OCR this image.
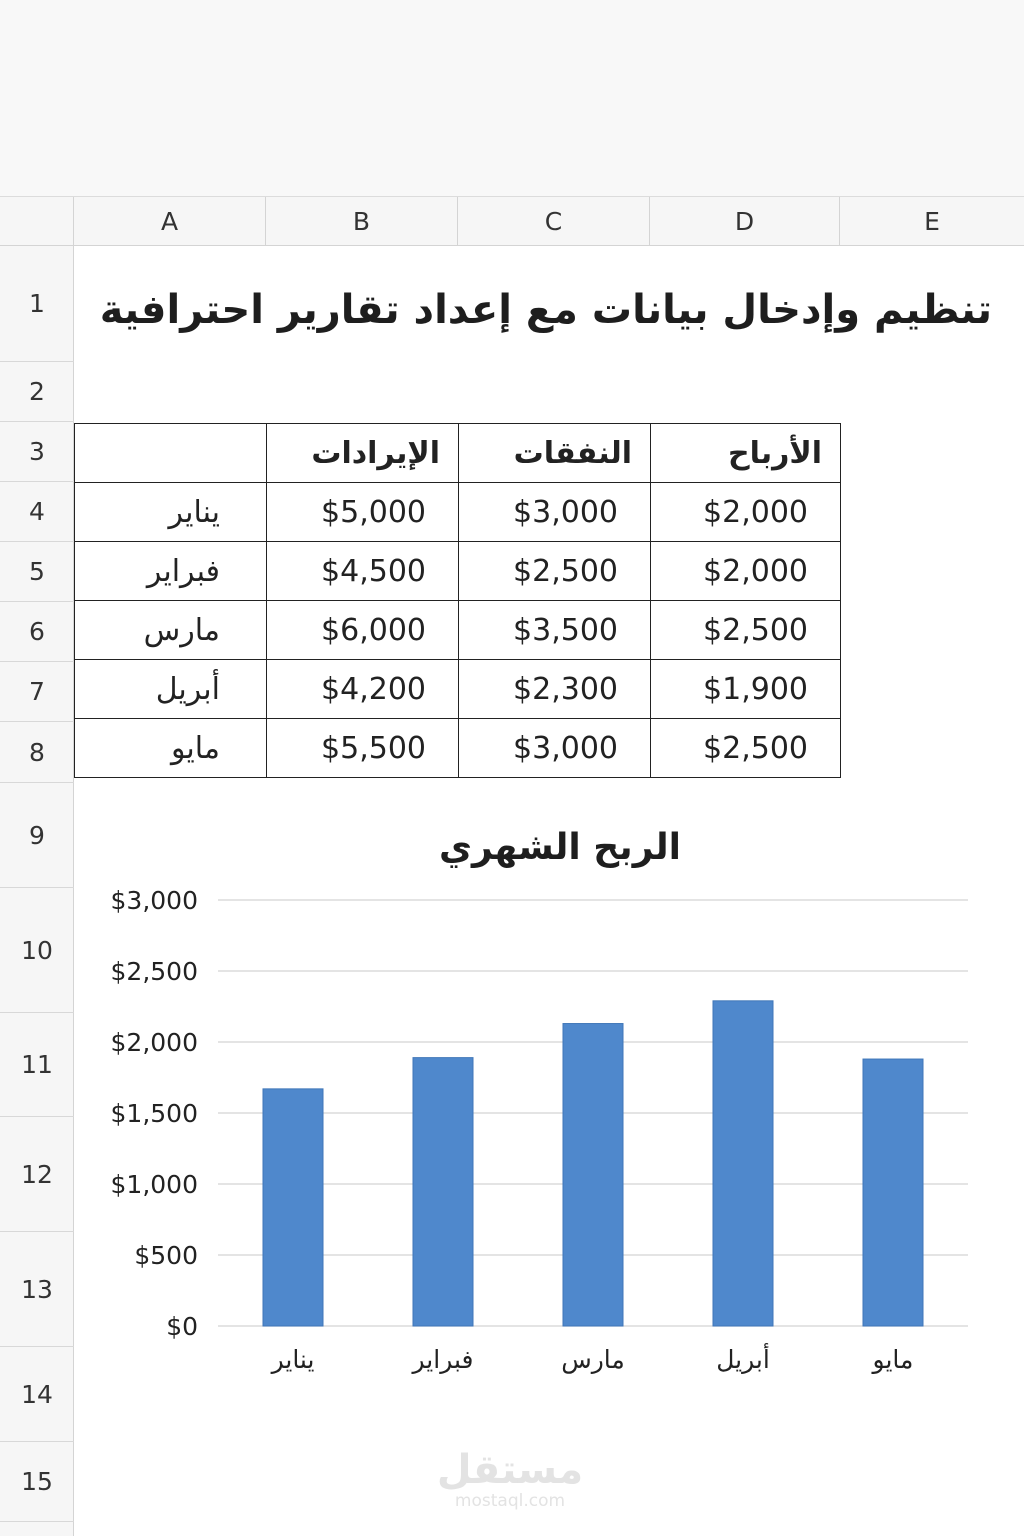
A	B	C	D	E
1
2
3
4
5
6
7
8
9
10
11
12
13
14
15
تنظيم وإدخال بيانات مع إعداد تقارير احترافية
	الإيرادات	النفقات	الأرباح
يناير	$5,000	$3,000	$2,000
فبراير	$4,500	$2,500	$2,000
مارس	$6,000	$3,500	$2,500
أبريل	$4,200	$2,300	$1,900
مايو	$5,500	$3,000	$2,500
الربح الشهري
$0
$500
$1,000
$1,500
$2,000
$2,500
$3,000
يناير	فبراير	مارس	أبريل	مايو
مستقل
mostaql.com
